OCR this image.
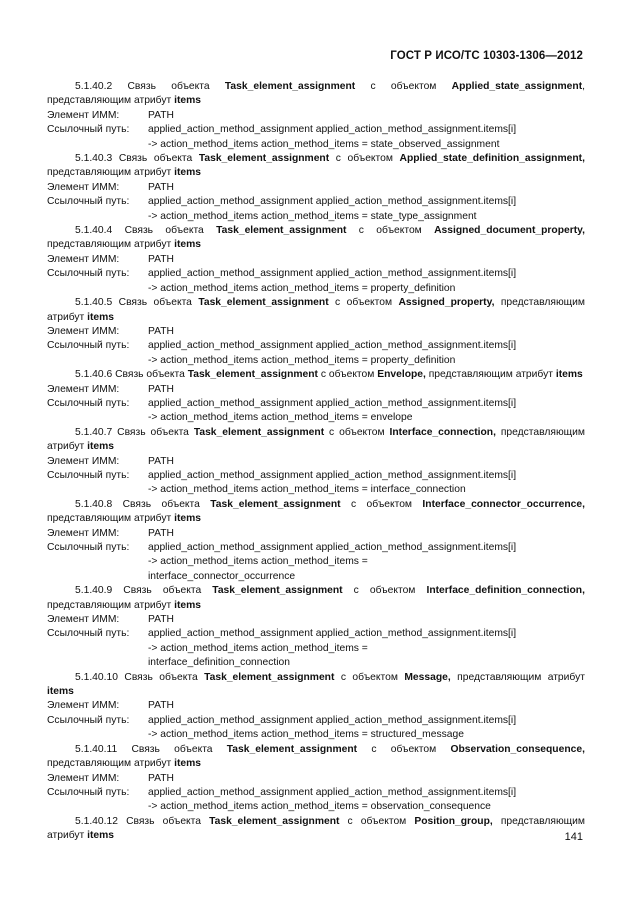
ГОСТ Р ИСО/ТС 10303-1306—2012
5.1.40.2 Связь объекта Task_element_assignment с объектом Applied_state_assignment, представляющим атрибут items
Элемент ИММ:	PATH
Ссылочный путь:	applied_action_method_assignment applied_action_method_assignment.items[i]
-> action_method_items action_method_items = state_observed_assignment
5.1.40.3 Связь объекта Task_element_assignment с объектом Applied_state_definition_assignment, представляющим атрибут items
Элемент ИММ:	PATH
Ссылочный путь:	applied_action_method_assignment applied_action_method_assignment.items[i]
-> action_method_items action_method_items = state_type_assignment
5.1.40.4 Связь объекта Task_element_assignment с объектом Assigned_document_property, представляющим атрибут items
Элемент ИММ:	PATH
Ссылочный путь:	applied_action_method_assignment applied_action_method_assignment.items[i]
-> action_method_items action_method_items = property_definition
5.1.40.5 Связь объекта Task_element_assignment с объектом Assigned_property, представляющим атрибут items
Элемент ИММ:	PATH
Ссылочный путь:	applied_action_method_assignment applied_action_method_assignment.items[i]
-> action_method_items action_method_items = property_definition
5.1.40.6 Связь объекта Task_element_assignment с объектом Envelope, представляющим атрибут items
Элемент ИММ:	PATH
Ссылочный путь:	applied_action_method_assignment applied_action_method_assignment.items[i]
-> action_method_items action_method_items = envelope
5.1.40.7 Связь объекта Task_element_assignment с объектом Interface_connection, представляющим атрибут items
Элемент ИММ:	PATH
Ссылочный путь:	applied_action_method_assignment applied_action_method_assignment.items[i]
-> action_method_items action_method_items = interface_connection
5.1.40.8 Связь объекта Task_element_assignment с объектом Interface_connector_occurrence, представляющим атрибут items
Элемент ИММ:	PATH
Ссылочный путь:	applied_action_method_assignment applied_action_method_assignment.items[i]
-> action_method_items action_method_items =
interface_connector_occurrence
5.1.40.9 Связь объекта Task_element_assignment с объектом Interface_definition_connection, представляющим атрибут items
Элемент ИММ:	PATH
Ссылочный путь:	applied_action_method_assignment applied_action_method_assignment.items[i]
-> action_method_items action_method_items =
interface_definition_connection
5.1.40.10 Связь объекта Task_element_assignment с объектом Message, представляющим атрибут items
Элемент ИММ:	PATH
Ссылочный путь:	applied_action_method_assignment applied_action_method_assignment.items[i]
-> action_method_items action_method_items = structured_message
5.1.40.11 Связь объекта Task_element_assignment с объектом Observation_consequence, представляющим атрибут items
Элемент ИММ:	PATH
Ссылочный путь:	applied_action_method_assignment applied_action_method_assignment.items[i]
-> action_method_items action_method_items = observation_consequence
5.1.40.12 Связь объекта Task_element_assignment с объектом Position_group, представляющим атрибут items	141
